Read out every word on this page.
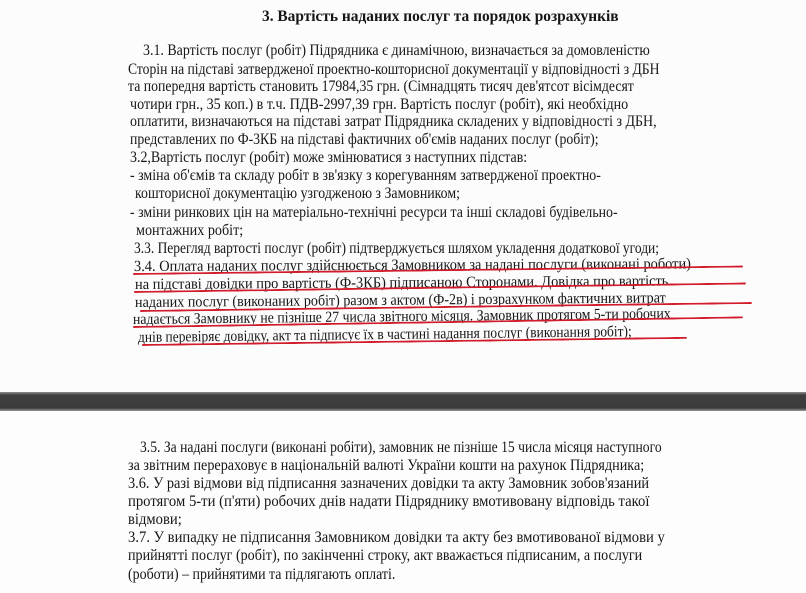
3. Вартість наданих послуг та порядок розрахунків
3.1. Вартість послуг (робіт) Підрядника є динамічною, визначається за домовленістю
Сторін на підставі затвердженої проектно-кошторисної документації у відповідності з ДБН
та попередня вартість становить 17984,35 грн. (Сімнадцять тисяч дев'ятсот вісімдесят
чотири грн., 35 коп.) в т.ч. ПДВ-2997,39 грн. Вартість послуг (робіт), які необхідно
оплатити, визначаються на підставі затрат Підрядника складених у відповідності з ДБН,
представлених по Ф-3КБ на підставі фактичних об'ємів наданих послуг (робіт);
3.2,Вартість послуг (робіт) може змінюватися з наступних підстав:
- зміна об'ємів та складу робіт в зв'язку з корегуванням затвердженої проектно-
кошторисної документацію узгодженою з Замовником;
- зміни ринкових цін на матеріально-технічні ресурси та інші складові будівельно-
монтажних робіт;
3.3. Перегляд вартості послуг (робіт) підтверджується шляхом укладення додаткової угоди;
3.4. Оплата наданих послуг здійснюється Замовником за надані послуги (виконані роботи)
на підставі довідки про вартість (Ф-3КБ) підписаною Сторонами. Довідка про вартість
наданих послуг (виконаних робіт) разом з актом (Ф-2в) і розрахунком фактичних витрат
надається Замовнику не пізніше 27 числа звітного місяця. Замовник протягом 5-ти робочих
днів перевіряє довідку, акт та підписує їх в частині надання послуг (виконання робіт);
3.5. За надані послуги (виконані робіти), замовник не пізніше 15 числа місяця наступного
за звітним перераховує в національній валюті України кошти на рахунок Підрядника;
3.6. У разі відмови від підписання зазначених довідки та акту Замовник зобов'язаний
протягом 5-ти (п'яти) робочих днів надати Підряднику вмотивовану відповідь такої
відмови;
3.7. У випадку не підписання Замовником довідки та акту без вмотивованої відмови у
прийнятті послуг (робіт), по закінченні строку, акт вважається підписаним, а послуги
(роботи) – прийнятими та підлягають оплаті.
